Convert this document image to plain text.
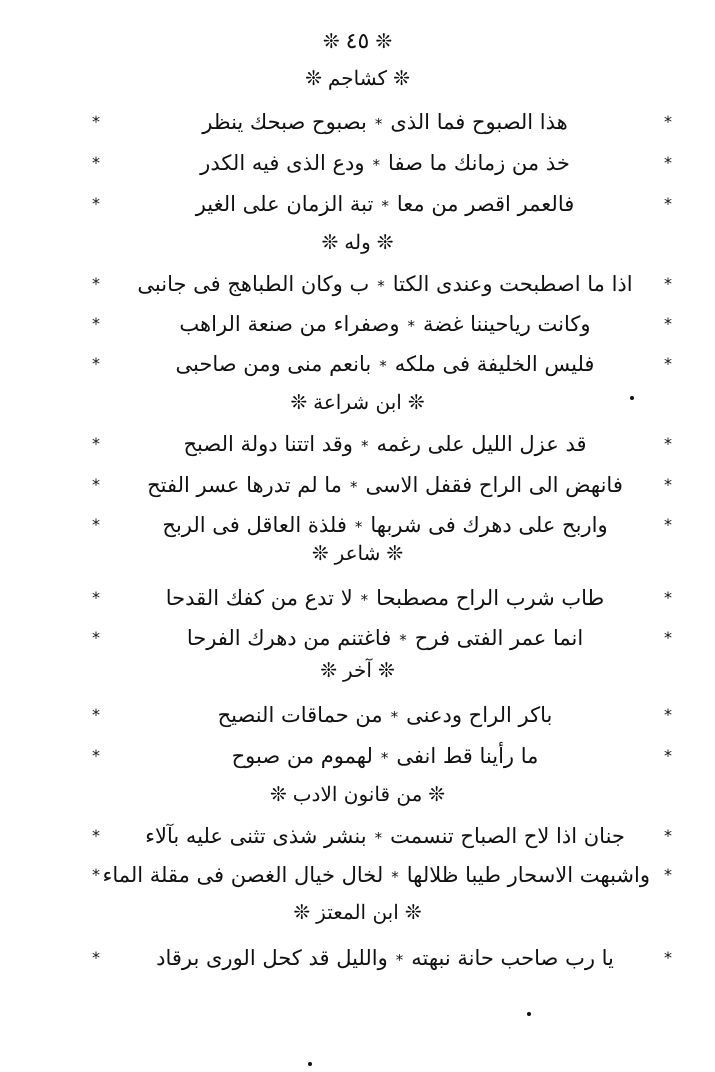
❊٤٥❊
❊كشاجم❊
*
هذا الصبوح فما الذى*بصبوح صبحك ينظر
*
*
خذ من زمانك ما صفا*ودع الذى فيه الكدر
*
*
فالعمر اقصر من معا*تبة الزمان على الغير
*
❊وله❊
*
اذا ما اصطبحت وعندى الكتا*ب وكان الطباهج فى جانبى
*
*
وكانت رياحيننا غضة*وصفراء من صنعة الراهب
*
*
فليس الخليفة فى ملكه*بانعم منى ومن صاحبى
*
❊ابن شراعة❊
*
قد عزل الليل على رغمه*وقد اتتنا دولة الصبح
*
*
فانهض الى الراح فقفل الاسى*ما لم تدرها عسر الفتح
*
*
واربح على دهرك فى شربها*فلذة العاقل فى الربح
*
❊شاعر❊
*
طاب شرب الراح مصطبحا*لا تدع من كفك القدحا
*
*
انما عمر الفتى فرح*فاغتنم من دهرك الفرحا
*
❊آخر❊
*
باكر الراح ودعنى*من حماقات النصيح
*
*
ما رأينا قط انفى*لهموم من صبوح
*
❊من قانون الادب❊
*
جنان اذا لاح الصباح تنسمت*بنشر شذى تثنى عليه بآلاء
*
*
واشبهت الاسحار طيبا ظلالها*لخال خيال الغصن فى مقلة الماء
*
❊ابن المعتز❊
*
يا رب صاحب حانة نبهته*والليل قد كحل الورى برقاد
*
